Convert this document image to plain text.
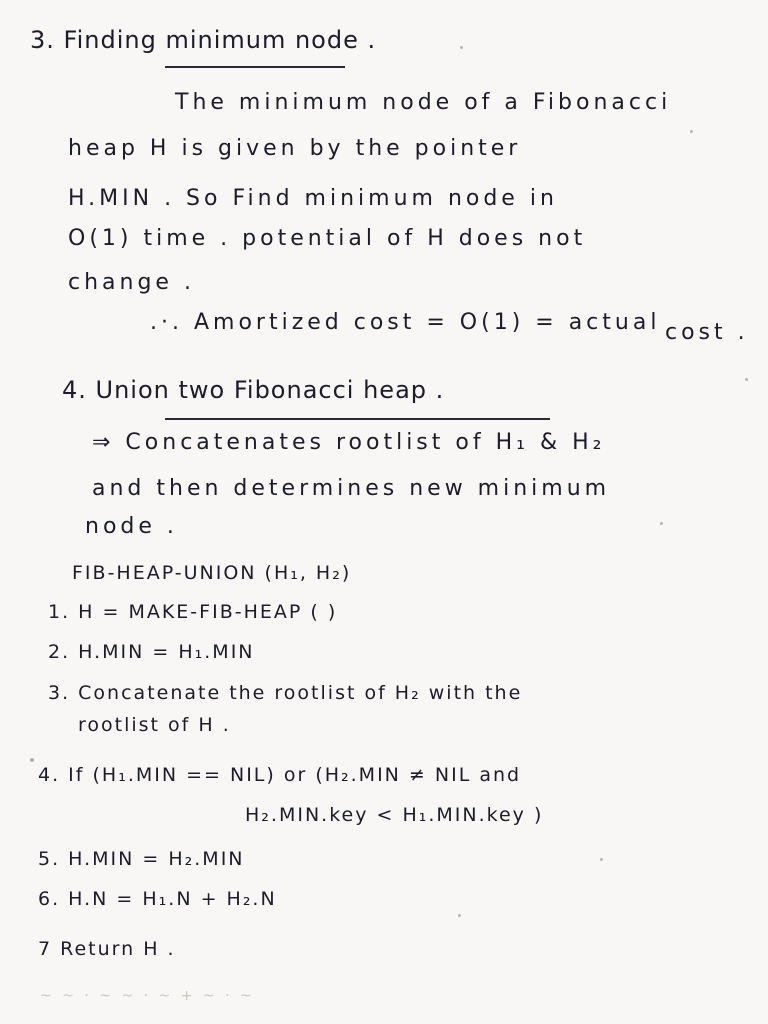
3. Finding minimum node .
The minimum node of a Fibonacci
heap H is given by the pointer
H.MIN . So Find minimum node in
O(1) time . potential of H does not
change .
.·. Amortized cost = O(1) = actual cost .
4. Union two Fibonacci heap .
⇒ Concatenates rootlist of H₁ & H₂
and then determines new minimum
node .
FIB-HEAP-UNION (H₁, H₂)
1. H = MAKE-FIB-HEAP ( )
2. H.MIN = H₁.MIN
3. Concatenate the rootlist of H₂ with the
rootlist of H .
4. If (H₁.MIN == NIL) or (H₂.MIN ≠ NIL and
H₂.MIN.key < H₁.MIN.key )
5. H.MIN = H₂.MIN
6. H.N = H₁.N + H₂.N
7 Return H .
~ ~ · ~ ~ · ~ + ~ · ~
